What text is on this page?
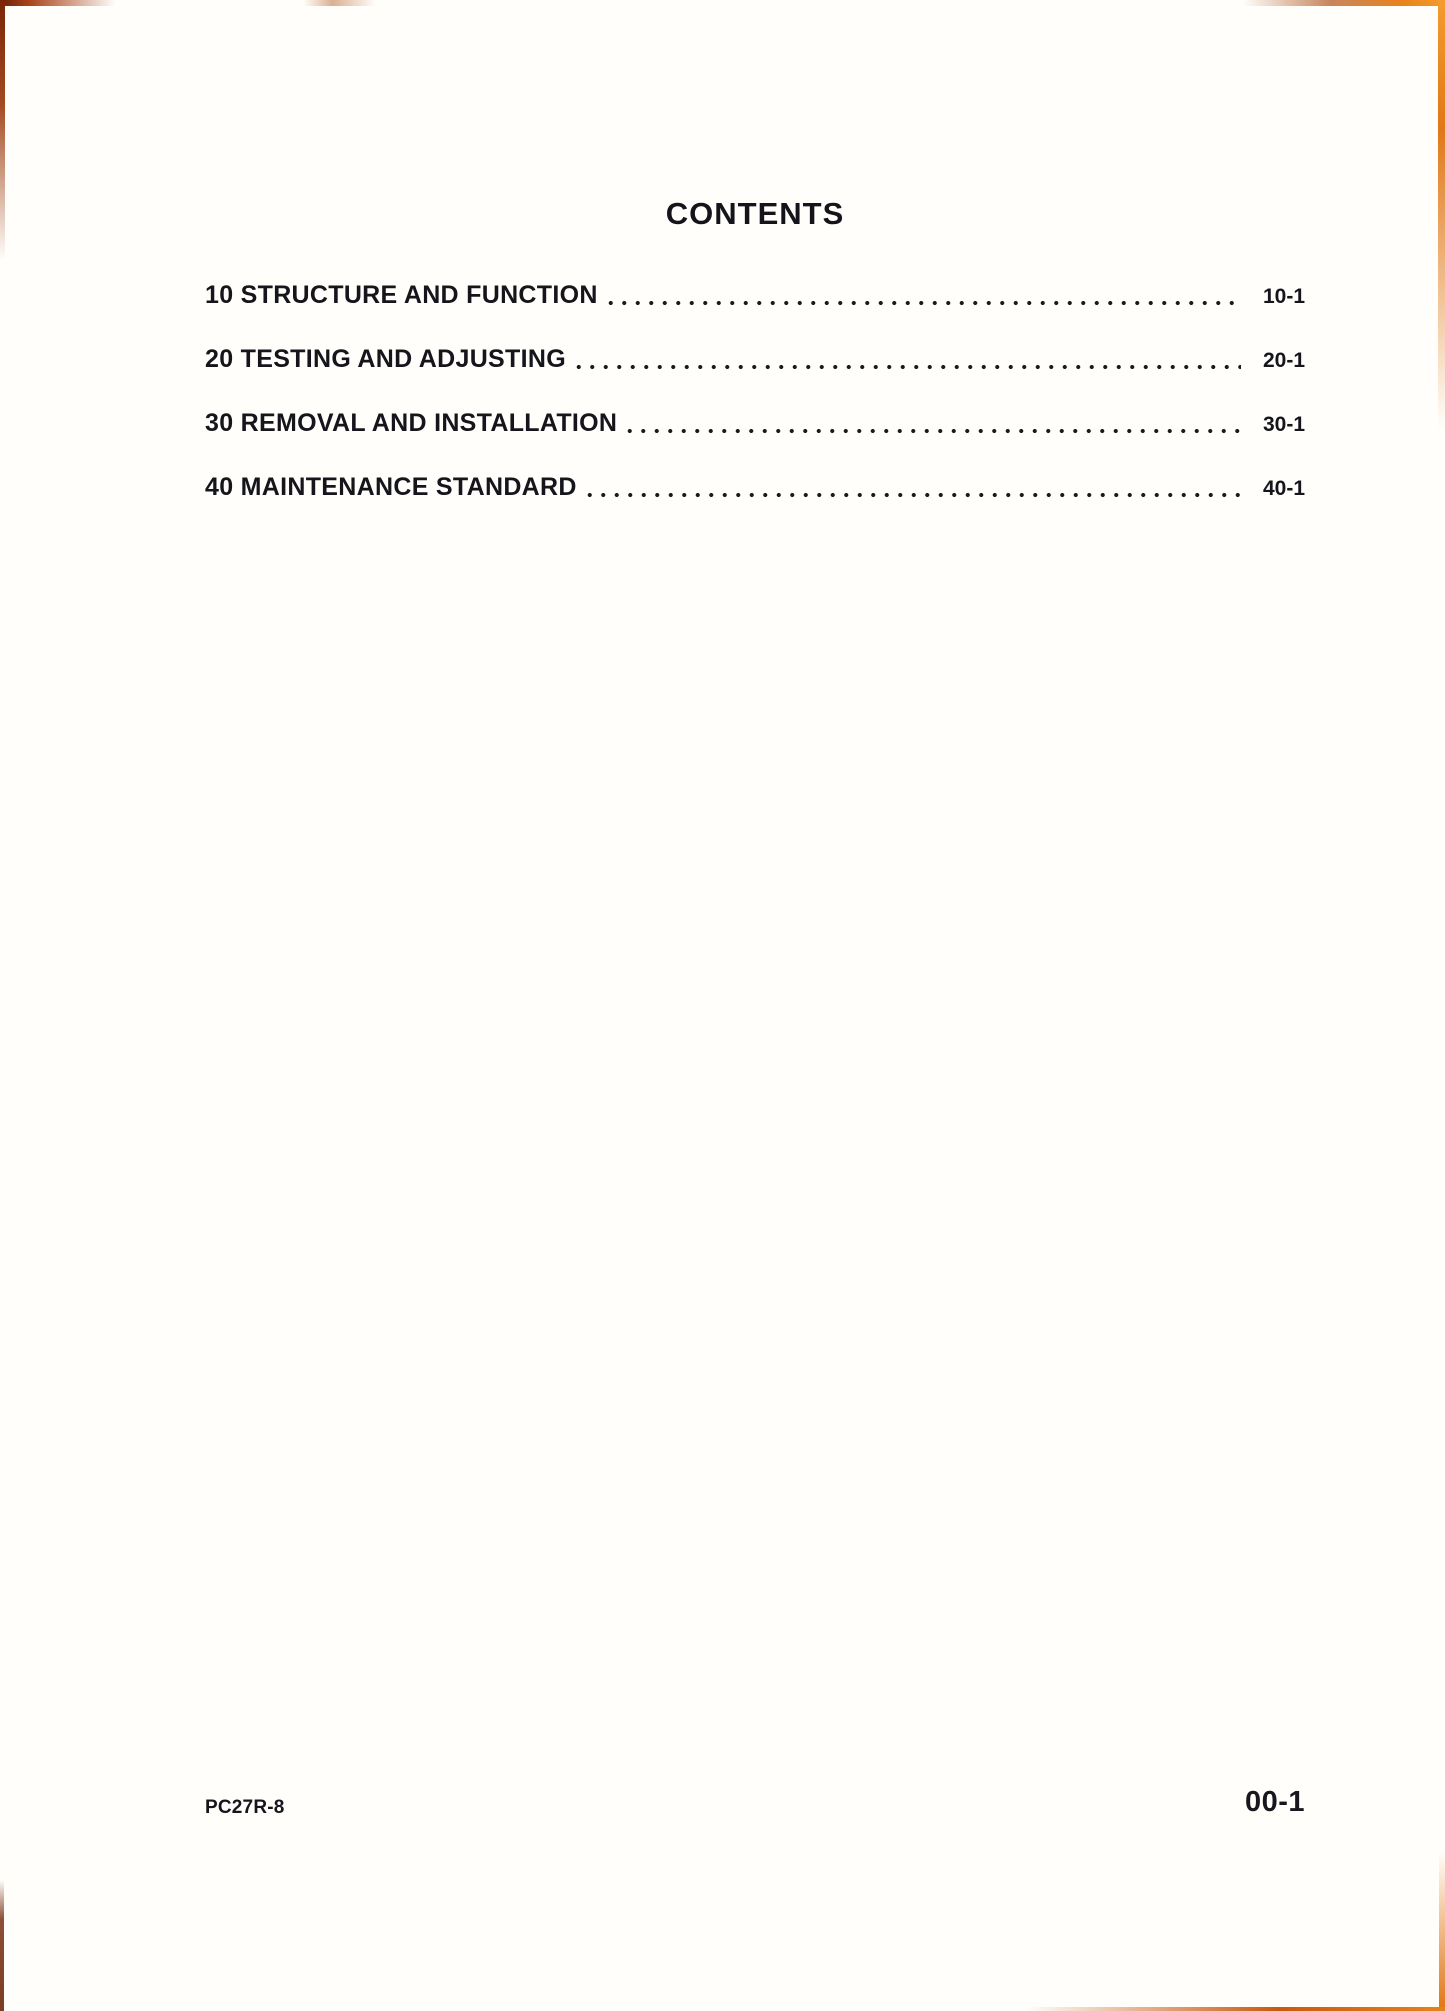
CONTENTS
10 STRUCTURE AND FUNCTION	10-1
20 TESTING AND ADJUSTING	20-1
30 REMOVAL AND INSTALLATION	30-1
40 MAINTENANCE STANDARD	40-1
PC27R-8	00-1
